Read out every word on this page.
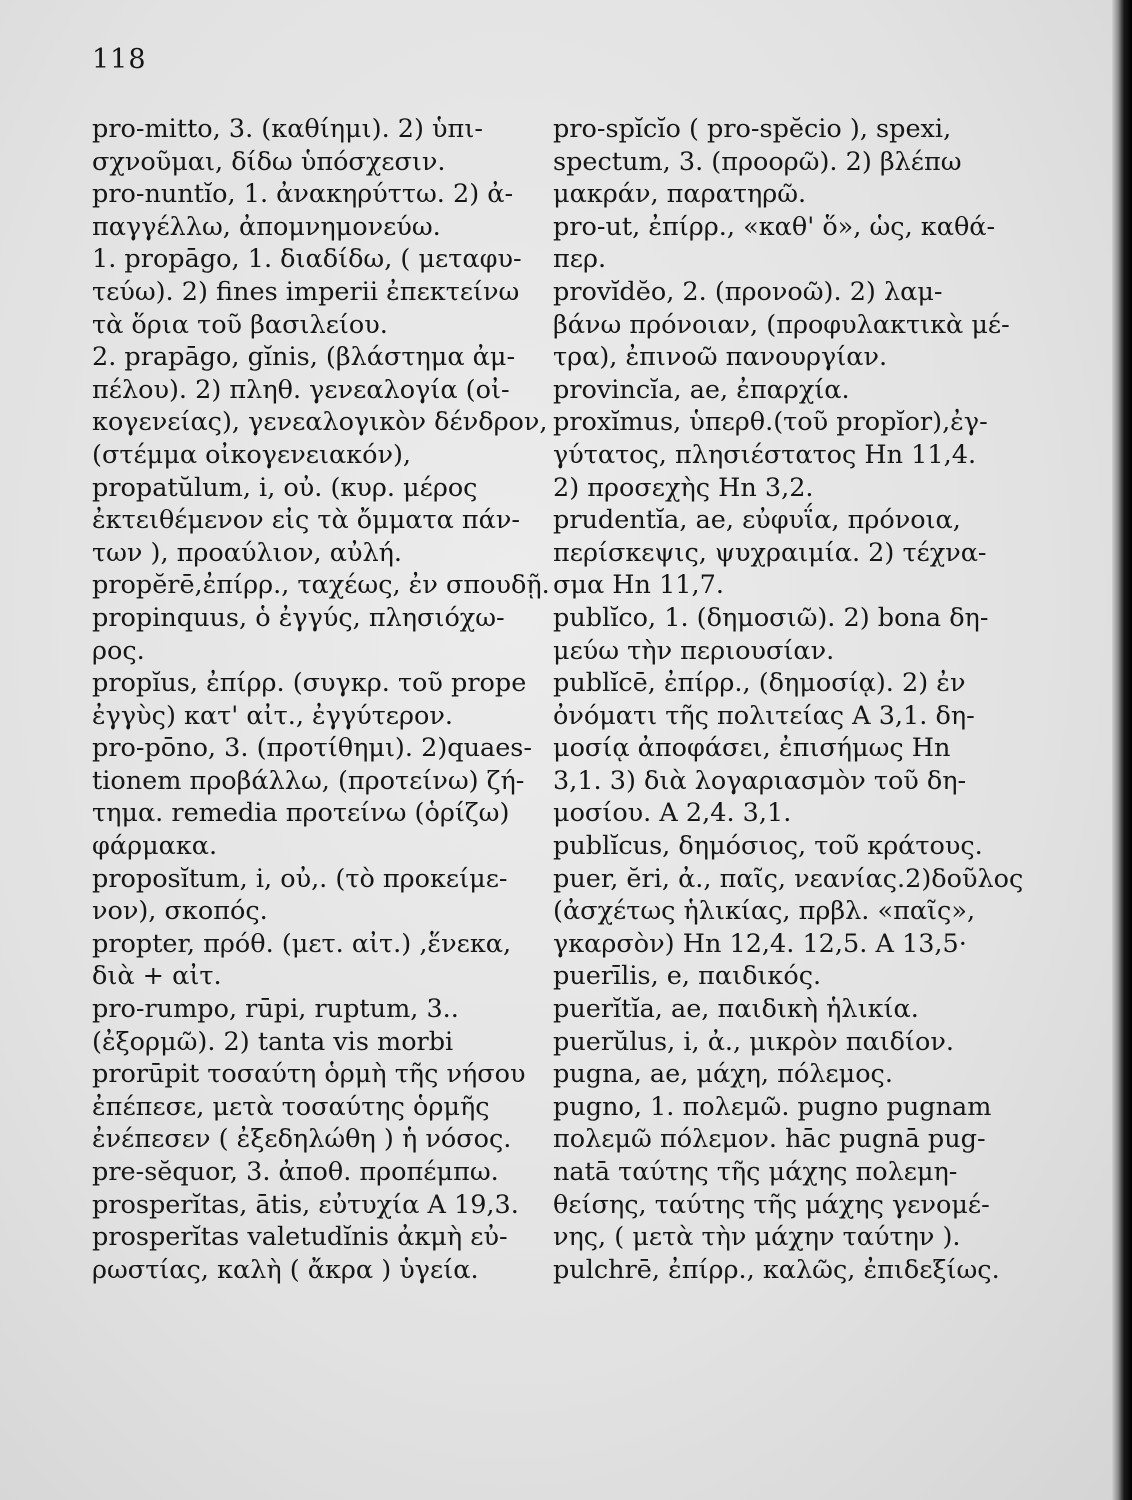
118
pro-mitto, 3. (καθίημι). 2) ὑπι-
σχνοῦμαι, δίδω ὑπόσχεσιν.
pro-nuntĭo, 1. ἀνακηρύττω. 2) ἀ-
παγγέλλω, ἀπομνημονεύω.
1. propāgo, 1. διαδίδω, ( μεταφυ-
τεύω). 2) fines imperii ἐπεκτείνω
τὰ ὅρια τοῦ βασιλείου.
2. prapāgo, gĭnis, (βλάστημα ἀμ-
πέλου). 2) πληθ. γενεαλογία (οἰ-
κογενείας), γενεαλογικὸν δένδρον,
(στέμμα οἰκογενειακόν),
propatŭlum, i, οὐ. (κυρ. μέρος
ἐκτειθέμενον εἰς τὰ ὄμματα πάν-
των ), προαύλιον, αὐλή.
propĕrē,ἐπίρρ., ταχέως, ἐν σπουδῇ.
propinquus, ὁ ἐγγύς, πλησιόχω-
ρος.
propĭus, ἐπίρρ. (συγκρ. τοῦ prope
ἐγγὺς) κατ' αἰτ., ἐγγύτερον.
pro-pōno, 3. (προτίθημι). 2)quaes-
tionem προβάλλω, (προτείνω) ζή-
τημα. remedia προτείνω (ὁρίζω)
φάρμακα.
proposĭtum, i, οὐ,. (τὸ προκείμε-
νον), σκοπός.
propter, πρόθ. (μετ. αἰτ.) ,ἕνεκα,
διὰ + αἰτ.
pro-rumpo, rūpi, ruptum, 3..
(ἐξορμῶ). 2) tanta vis morbi
prorūpit τοσαύτη ὁρμὴ τῆς νήσου
ἐπέπεσε, μετὰ τοσαύτης ὁρμῆς
ἐνέπεσεν ( ἐξεδηλώθη ) ἡ νόσος.
pre-sĕquor, 3. ἀποθ. προπέμπω.
prosperĭtas, ātis, εὐτυχία A 19,3.
prosperĭtas valetudĭnis ἀκμὴ εὐ-
ρωστίας, καλὴ ( ἄκρα ) ὑγεία.
pro-spĭcĭo ( pro-spĕcio ), spexi,
spectum, 3. (προορῶ). 2) βλέπω
μακράν, παρατηρῶ.
pro-ut, ἐπίρρ., «καθ' ὅ», ὡς, καθά-
περ.
provĭdĕo, 2. (προνοῶ). 2) λαμ-
βάνω πρόνοιαν, (προφυλακτικὰ μέ-
τρα), ἐπινοῶ πανουργίαν.
provincĭa, ae, ἐπαρχία.
proxĭmus, ὑπερθ.(τοῦ propĭor),ἐγ-
γύτατος, πλησιέστατος Hn 11,4.
2) προσεχὴς Hn 3,2.
prudentĭa, ae, εὐφυΐα, πρόνοια,
περίσκεψις, ψυχραιμία. 2) τέχνα-
σμα Hn 11,7.
publĭco, 1. (δημοσιῶ). 2) bona δη-
μεύω τὴν περιουσίαν.
publĭcē, ἐπίρρ., (δημοσίᾳ). 2) ἐν
ὀνόματι τῆς πολιτείας A 3,1. δη-
μοσίᾳ ἀποφάσει, ἐπισήμως Hn
3,1. 3) διὰ λογαριασμὸν τοῦ δη-
μοσίου. A 2,4. 3,1.
publĭcus, δημόσιος, τοῦ κράτους.
puer, ĕri, ἀ., παῖς, νεανίας.2)δοῦλος
(ἀσχέτως ἡλικίας, πρβλ. «παῖς»,
γκαρσὸν) Hn 12,4. 12,5. A 13,5·
puerīlis, e, παιδικός.
puerĭtĭa, ae, παιδικὴ ἡλικία.
puerŭlus, i, ἀ., μικρὸν παιδίον.
pugna, ae, μάχη, πόλεμος.
pugno, 1. πολεμῶ. pugno pugnam
πολεμῶ πόλεμον. hāc pugnā pug-
natā ταύτης τῆς μάχης πολεμη-
θείσης, ταύτης τῆς μάχης γενομέ-
νης, ( μετὰ τὴν μάχην ταύτην ).
pulchrē, ἐπίρρ., καλῶς, ἐπιδεξίως.
